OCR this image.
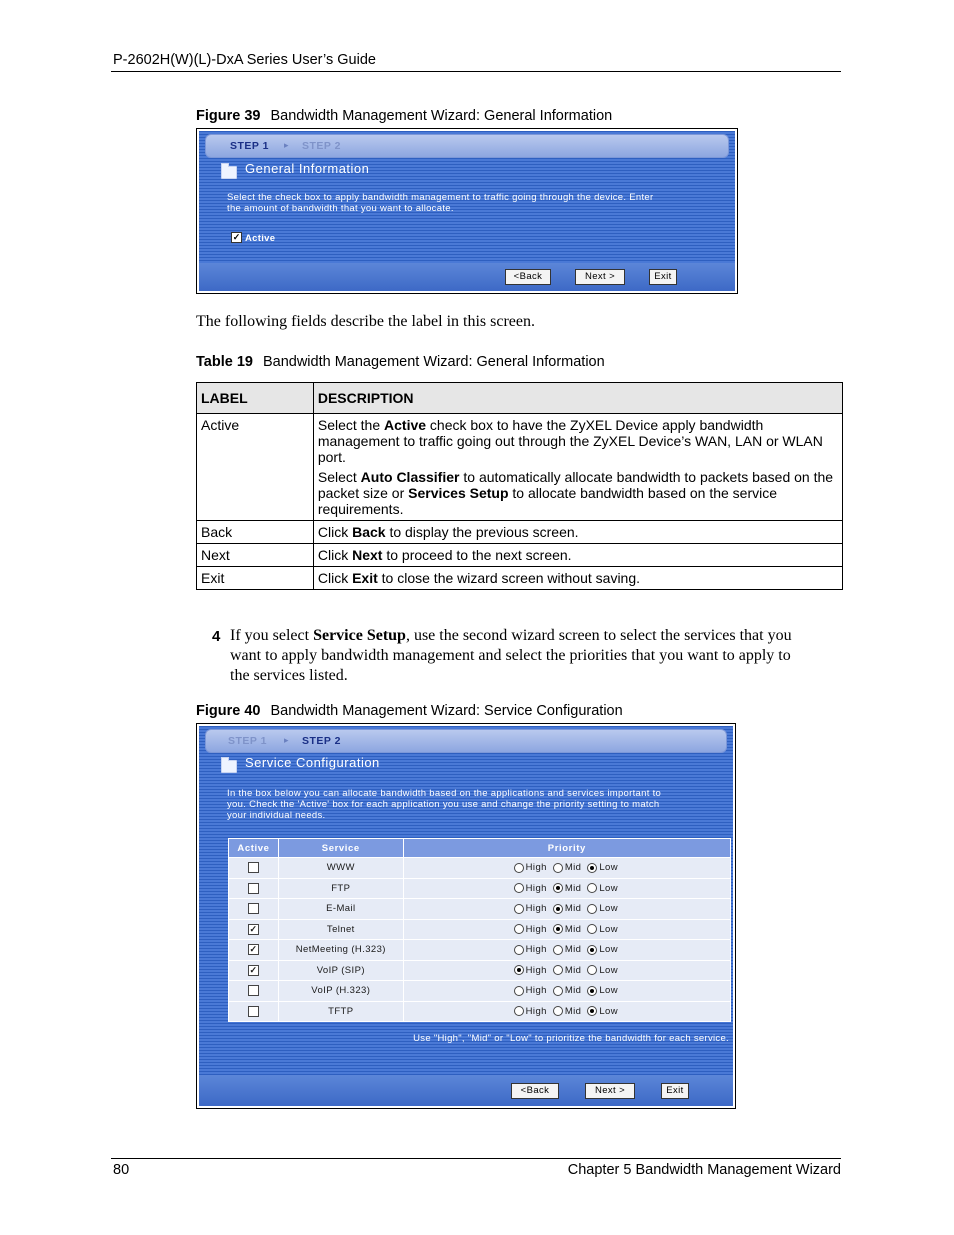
P-2602H(W)(L)-DxA Series User’s Guide
Figure 39 Bandwidth Management Wizard: General Information
STEP 1 ▸ STEP 2
General Information
Select the check box to apply bandwidth management to traffic going through the device. Enter
the amount of bandwidth that you want to allocate.
✓ Active
<Back	Next >	Exit
The following fields describe the label in this screen.
Table 19 Bandwidth Management Wizard: General Information
LABEL	DESCRIPTION
Active	Select the Active check box to have the ZyXEL Device apply bandwidth management to traffic going out through the ZyXEL Device’s WAN, LAN or WLAN port.

Select Auto Classifier to automatically allocate bandwidth to packets based on the packet size or Services Setup to allocate bandwidth based on the service requirements.

Back	Click Back to display the previous screen.
Next	Click Next to proceed to the next screen.
Exit	Click Exit to close the wizard screen without saving.
4 If you select Service Setup, use the second wizard screen to select the services that you
want to apply bandwidth management and select the priorities that you want to apply to
the services listed.
Figure 40 Bandwidth Management Wizard: Service Configuration
STEP 1 ▸ STEP 2
Service Configuration
In the box below you can allocate bandwidth based on the applications and services important to
you. Check the 'Active' box for each application you use and change the priority setting to match
your individual needs.
Active	Service	Priority
	WWW	High Mid Low
	FTP	High Mid Low
	E-Mail	High Mid Low
✓	Telnet	High Mid Low
✓	NetMeeting (H.323)	High Mid Low
✓	VoIP (SIP)	High Mid Low
	VoIP (H.323)	High Mid Low
	TFTP	High Mid Low
Use "High", "Mid" or "Low" to prioritize the bandwidth for each service.
<Back	Next >	Exit
80	Chapter 5 Bandwidth Management Wizard
